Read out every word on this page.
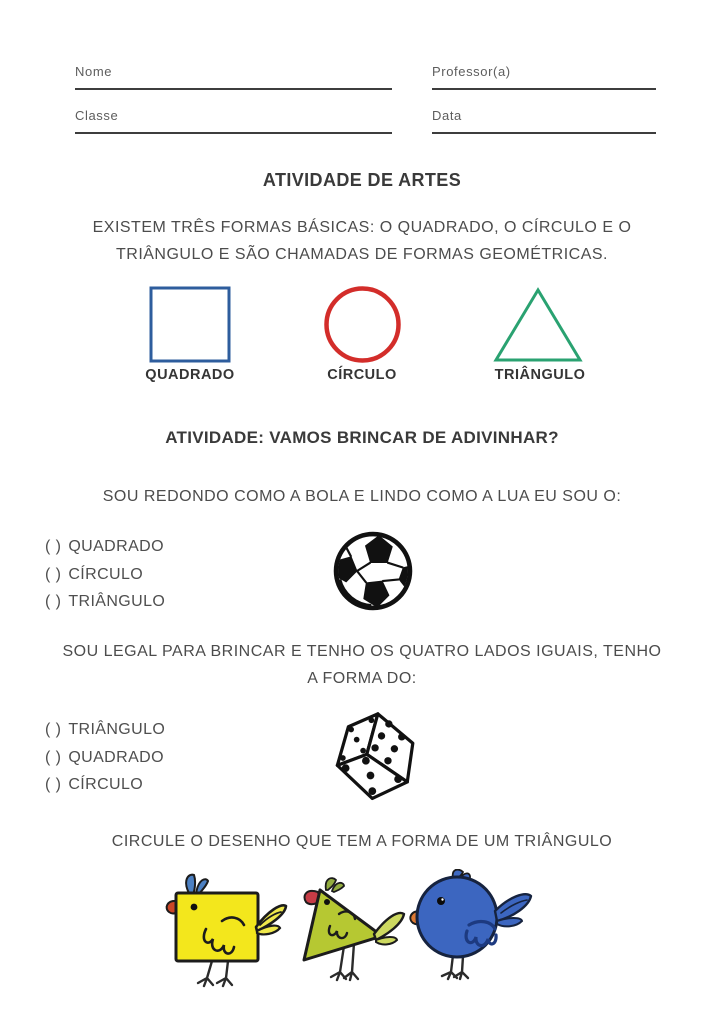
Nome	Professor(a)
Classe	Data
ATIVIDADE DE ARTES
EXISTEM TRÊS FORMAS BÁSICAS: O QUADRADO, O CÍRCULO E O
TRIÂNGULO E SÃO CHAMADAS DE FORMAS GEOMÉTRICAS.
QUADRADO	CÍRCULO	TRIÂNGULO
ATIVIDADE: VAMOS BRINCAR DE ADIVINHAR?
SOU REDONDO COMO A BOLA E LINDO COMO A LUA EU SOU O:
( ) QUADRADO
( ) CÍRCULO
( ) TRIÂNGULO
SOU LEGAL PARA BRINCAR E TENHO OS QUATRO LADOS IGUAIS, TENHO
A FORMA DO:
( ) TRIÂNGULO
( ) QUADRADO
( ) CÍRCULO
CIRCULE O DESENHO QUE TEM A FORMA DE UM TRIÂNGULO
